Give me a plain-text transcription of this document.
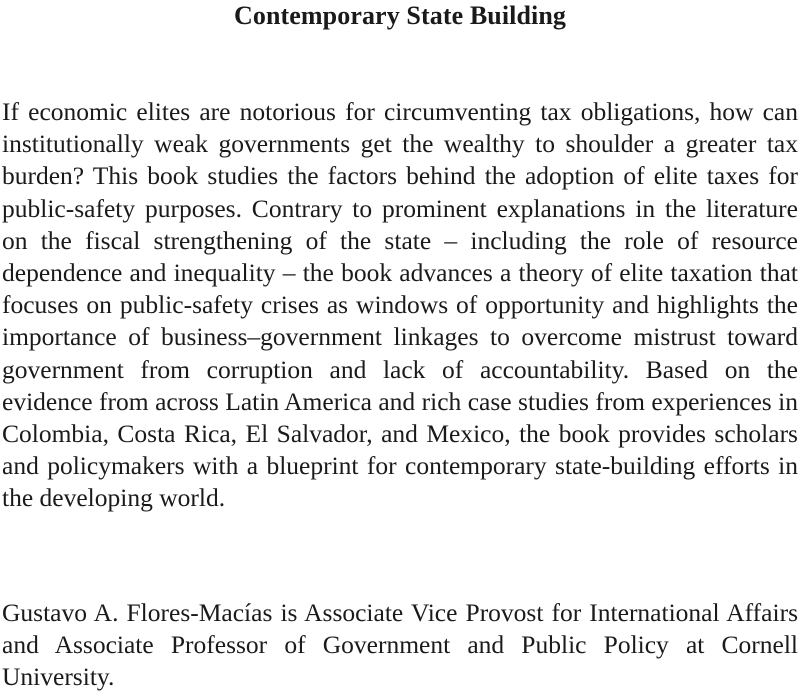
Contemporary State Building

If economic elites are notorious for circumventing tax obligations, how can institutionally weak governments get the wealthy to shoulder a greater tax burden? This book studies the factors behind the adoption of elite taxes for public-safety purposes. Contrary to prominent explanations in the literature on the fiscal strengthening of the state – including the role of resource dependence and inequality – the book advances a theory of elite taxation that focuses on public-safety crises as windows of opportunity and highlights the importance of business–government linkages to overcome mistrust toward government from corruption and lack of accountability. Based on the evidence from across Latin America and rich case studies from experiences in Colombia, Costa Rica, El Salvador, and Mexico, the book provides scholars and policymakers with a blueprint for contemporary state-building efforts in the developing world.

Gustavo A. Flores-Macías is Associate Vice Provost for International Affairs and Associate Professor of Government and Public Policy at Cornell University.
